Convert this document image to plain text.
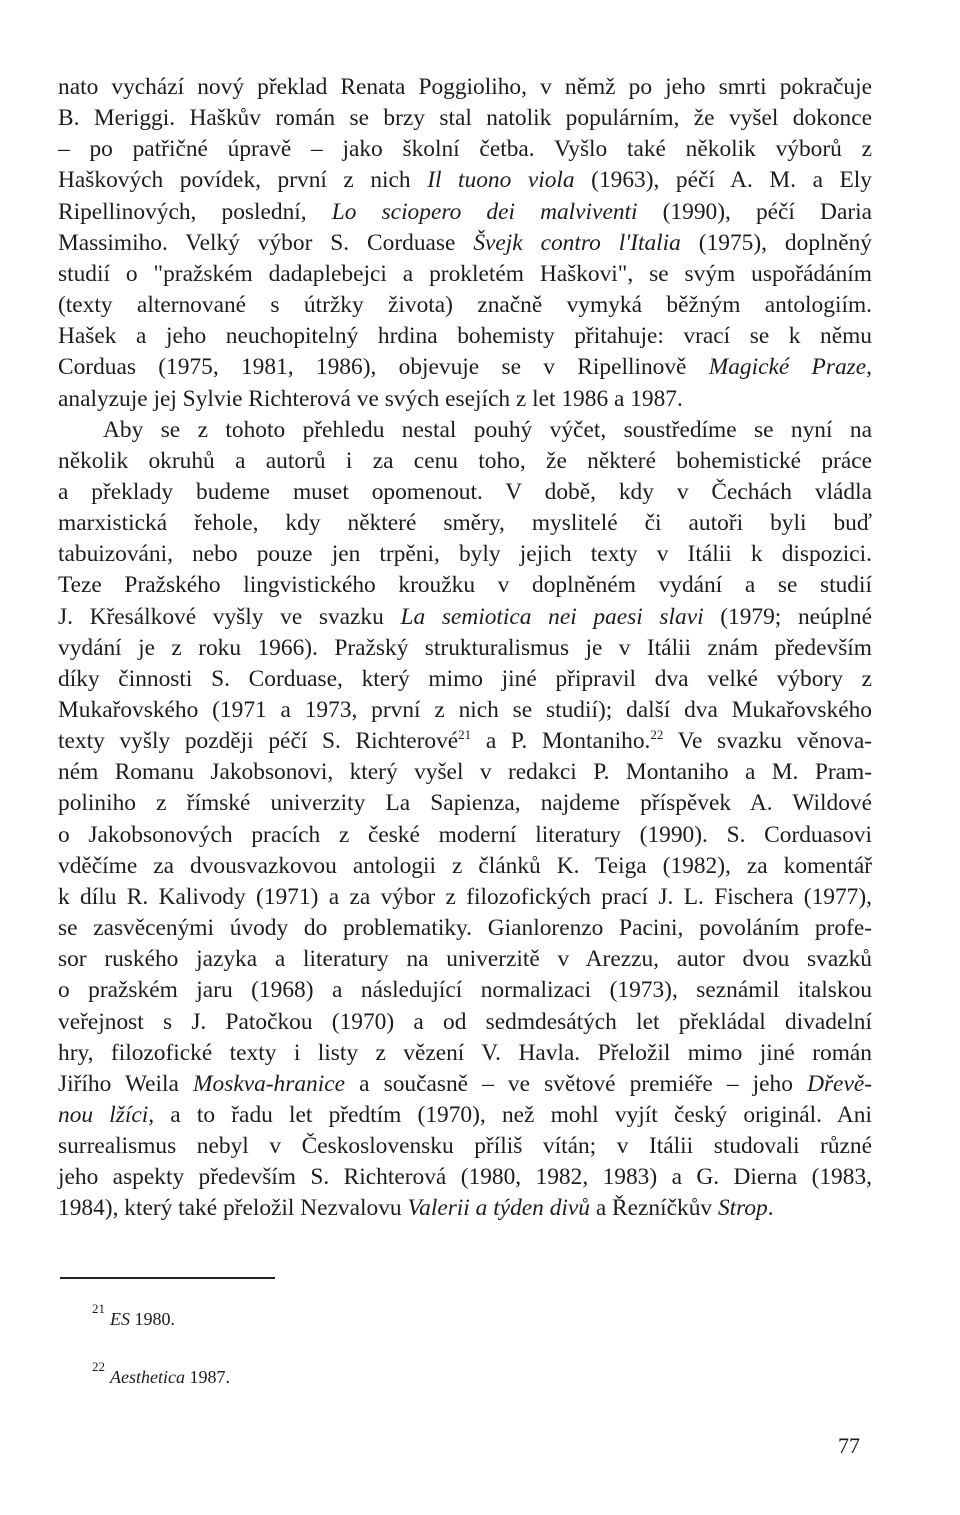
nato vychází nový překlad Renata Poggioliho, v němž po jeho smrti pokračuje
B. Meriggi. Haškův román se brzy stal natolik populárním, že vyšel dokonce
– po patřičné úpravě – jako školní četba. Vyšlo také několik výborů z
Haškových povídek, první z nich Il tuono viola (1963), péčí A. M. a Ely
Ripellinových, poslední, Lo sciopero dei malviventi (1990), péčí Daria
Massimiho. Velký výbor S. Corduase Švejk contro l'Italia (1975), doplněný
studií o "pražském dadaplebejci a prokletém Haškovi", se svým uspořádáním
(texty alternované s útržky života) značně vymyká běžným antologiím.
Hašek a jeho neuchopitelný hrdina bohemisty přitahuje: vrací se k němu
Corduas (1975, 1981, 1986), objevuje se v Ripellinově Magické Praze,
analyzuje jej Sylvie Richterová ve svých esejích z let 1986 a 1987.
Aby se z tohoto přehledu nestal pouhý výčet, soustředíme se nyní na
několik okruhů a autorů i za cenu toho, že některé bohemistické práce
a překlady budeme muset opomenout. V době, kdy v Čechách vládla
marxistická řehole, kdy některé směry, myslitelé či autoři byli buď
tabuizováni, nebo pouze jen trpěni, byly jejich texty v Itálii k dispozici.
Teze Pražského lingvistického kroužku v doplněném vydání a se studií
J. Křesálkové vyšly ve svazku La semiotica nei paesi slavi (1979; neúplné
vydání je z roku 1966). Pražský strukturalismus je v Itálii znám především
díky činnosti S. Corduase, který mimo jiné připravil dva velké výbory z
Mukařovského (1971 a 1973, první z nich se studií); další dva Mukařovského
texty vyšly později péčí S. Richterové$^{21}$ a P. Montaniho.$^{22}$ Ve svazku věnova-
ném Romanu Jakobsonovi, který vyšel v redakci P. Montaniho a M. Pram-
poliniho z římské univerzity La Sapienza, najdeme příspěvek A. Wildové
o Jakobsonových pracích z české moderní literatury (1990). S. Corduasovi
vděčíme za dvousvazkovou antologii z článků K. Teiga (1982), za komentář
k dílu R. Kalivody (1971) a za výbor z filozofických prací J. L. Fischera (1977),
se zasvěcenými úvody do problematiky. Gianlorenzo Pacini, povoláním profe-
sor ruského jazyka a literatury na univerzitě v Arezzu, autor dvou svazků
o pražském jaru (1968) a následující normalizaci (1973), seznámil italskou
veřejnost s J. Patočkou (1970) a od sedmdesátých let překládal divadelní
hry, filozofické texty i listy z vězení V. Havla. Přeložil mimo jiné román
Jiřího Weila Moskva-hranice a současně – ve světové premiéře – jeho Dřevě-
nou lžíci, a to řadu let předtím (1970), než mohl vyjít český originál. Ani
surrealismus nebyl v Československu příliš vítán; v Itálii studovali různé
jeho aspekty především S. Richterová (1980, 1982, 1983) a G. Dierna (1983,
1984), který také přeložil Nezvalovu Valerii a týden divů a Řezníčkův Strop.
$^{21}$ES 1980.
$^{22}$Aesthetica 1987.
77
